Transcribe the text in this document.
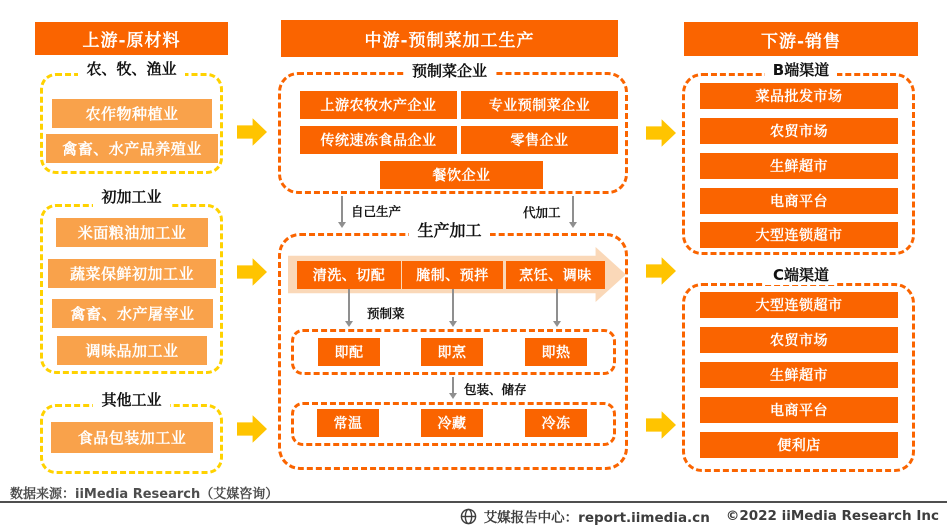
上游-原材料
农、牧、渔业
农作物种植业
禽畜、水产品养殖业
初加工业
米面粮油加工业
蔬菜保鲜初加工业
禽畜、水产屠宰业
调味品加工业
其他工业
食品包装加工业
中游-预制菜加工生产
预制菜企业
上游农牧水产企业	专业预制菜企业
传统速冻食品企业	零售企业
餐饮企业
自己生产	代加工
生产加工
清洗、切配	腌制、预拌	烹饪、调味
预制菜
即配	即烹	即热
包装、储存
常温	冷藏	冷冻
下游-销售
B端渠道
菜品批发市场
农贸市场
生鲜超市
电商平台
大型连锁超市
C端渠道
大型连锁超市
农贸市场
生鲜超市
电商平台
便利店
数据来源：iiMedia Research（艾媒咨询）
艾媒报告中心：report.iimedia.cn ©2022 iiMedia Research Inc
